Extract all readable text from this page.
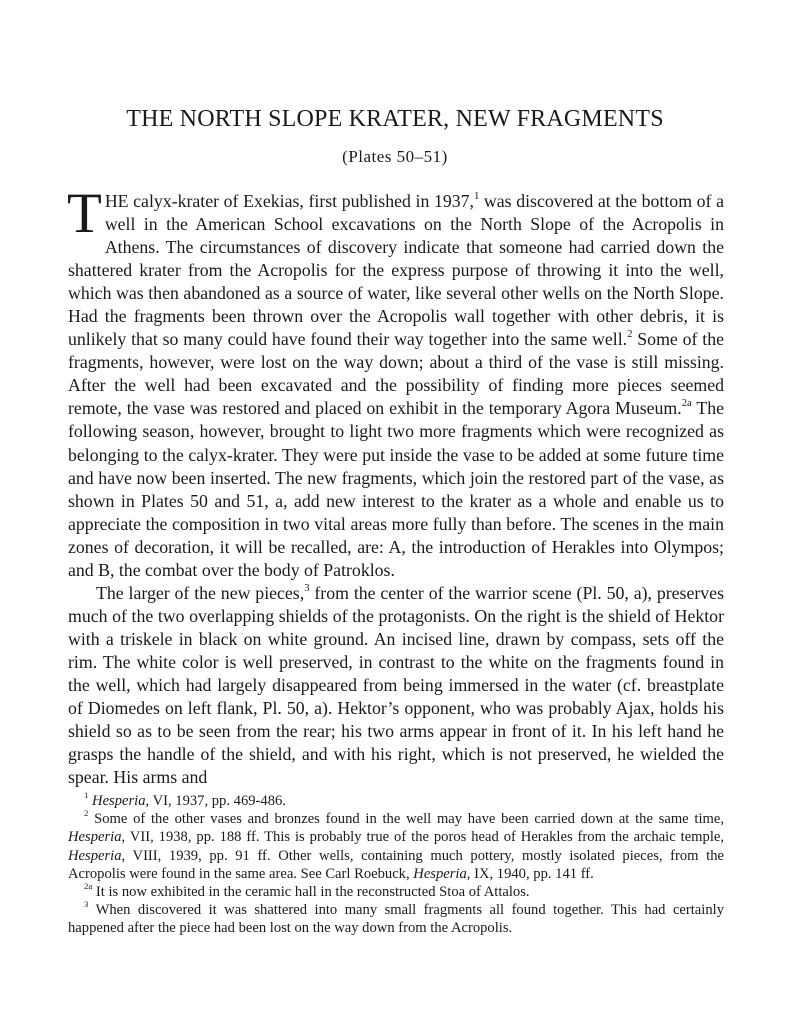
THE NORTH SLOPE KRATER, NEW FRAGMENTS
(Plates 50–51)

THE calyx-krater of Exekias, first published in 1937,$^1$ was discovered at the bottom of a well in the American School excavations on the North Slope of the Acropolis in Athens. The circumstances of discovery indicate that someone had carried down the shattered krater from the Acropolis for the express purpose of throwing it into the well, which was then abandoned as a source of water, like several other wells on the North Slope. Had the fragments been thrown over the Acropolis wall together with other debris, it is unlikely that so many could have found their way together into the same well.$^2$ Some of the fragments, however, were lost on the way down; about a third of the vase is still missing. After the well had been excavated and the possibility of finding more pieces seemed remote, the vase was restored and placed on exhibit in the temporary Agora Museum.$^{2a}$ The following season, however, brought to light two more fragments which were recognized as belonging to the calyx-krater. They were put inside the vase to be added at some future time and have now been inserted. The new fragments, which join the restored part of the vase, as shown in Plates 50 and 51, a, add new interest to the krater as a whole and enable us to appreciate the composition in two vital areas more fully than before. The scenes in the main zones of decoration, it will be recalled, are: A, the introduction of Herakles into Olympos; and B, the combat over the body of Patroklos.

The larger of the new pieces,$^3$ from the center of the warrior scene (Pl. 50, a), preserves much of the two overlapping shields of the protagonists. On the right is the shield of Hektor with a triskele in black on white ground. An incised line, drawn by compass, sets off the rim. The white color is well preserved, in contrast to the white on the fragments found in the well, which had largely disappeared from being immersed in the water (cf. breastplate of Diomedes on left flank, Pl. 50, a). Hektor’s opponent, who was probably Ajax, holds his shield so as to be seen from the rear; his two arms appear in front of it. In his left hand he grasps the handle of the shield, and with his right, which is not preserved, he wielded the spear. His arms and

$^1$ Hesperia, VI, 1937, pp. 469-486.

$^2$ Some of the other vases and bronzes found in the well may have been carried down at the same time, Hesperia, VII, 1938, pp. 188 ff. This is probably true of the poros head of Herakles from the archaic temple, Hesperia, VIII, 1939, pp. 91 ff. Other wells, containing much pottery, mostly isolated pieces, from the Acropolis were found in the same area. See Carl Roebuck, Hesperia, IX, 1940, pp. 141 ff.

$^{2a}$ It is now exhibited in the ceramic hall in the reconstructed Stoa of Attalos.

$^3$ When discovered it was shattered into many small fragments all found together. This had certainly happened after the piece had been lost on the way down from the Acropolis.
